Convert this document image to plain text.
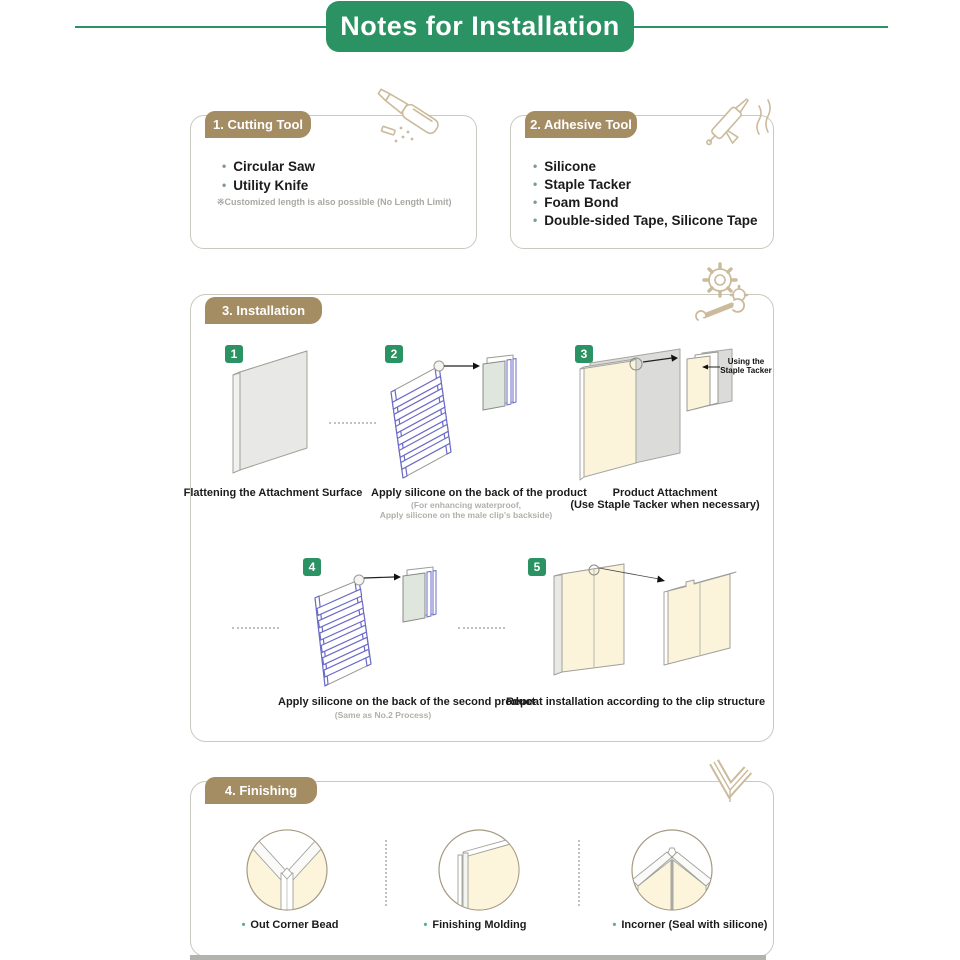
Notes for Installation
1. Cutting Tool
• Circular Saw
• Utility Knife
※Customized length is also possible (No Length Limit)
2. Adhesive Tool
• Silicone
• Staple Tacker
• Foam Bond
• Double-sided Tape, Silicone Tape
3. Installation
1	2	3
4	5
Using the
Staple Tacker
Flattening the Attachment Surface Apply silicone on the back of the product
(For enhancing waterproof,
Apply silicone on the male clip's backside)
Product Attachment
(Use Staple Tacker when necessary)
Apply silicone on the back of the second product
(Same as No.2 Process)
Repeat installation according to the clip structure
4. Finishing
• Out Corner Bead	• Finishing Molding	• Incorner (Seal with silicone)
